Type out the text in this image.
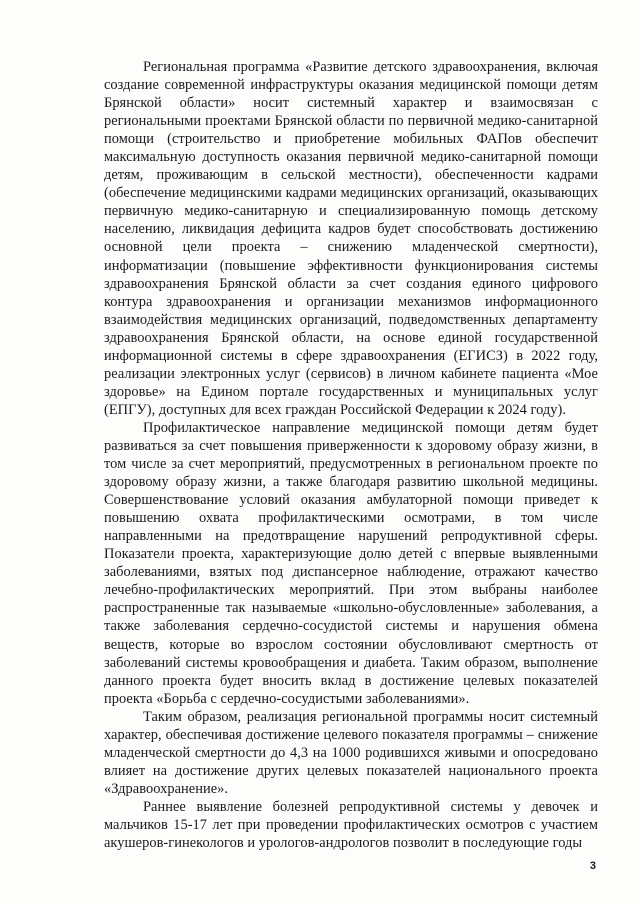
Региональная программа «Развитие детского здравоохранения, включая создание современной инфраструктуры оказания медицинской помощи детям Брянской области» носит системный характер и взаимосвязан с региональными проектами Брянской области по первичной медико-санитарной помощи (строительство и приобретение мобильных ФАПов обеспечит максимальную доступность оказания первичной медико-санитарной помощи детям, проживающим в сельской местности), обеспеченности кадрами (обеспечение медицинскими кадрами медицинских организаций, оказывающих первичную медико-санитарную и специализированную помощь детскому населению, ликвидация дефицита кадров будет способствовать достижению основной цели проекта – снижению младенческой смертности), информатизации (повышение эффективности функционирования системы здравоохранения Брянской области за счет создания единого цифрового контура здравоохранения и организации механизмов информационного взаимодействия медицинских организаций, подведомственных департаменту здравоохранения Брянской области, на основе единой государственной информационной системы в сфере здравоохранения (ЕГИСЗ) в 2022 году, реализации электронных услуг (сервисов) в личном кабинете пациента «Мое здоровье» на Едином портале государственных и муниципальных услуг (ЕПГУ), доступных для всех граждан Российской Федерации к 2024 году).

Профилактическое направление медицинской помощи детям будет развиваться за счет повышения приверженности к здоровому образу жизни, в том числе за счет мероприятий, предусмотренных в региональном проекте по здоровому образу жизни, а также благодаря развитию школьной медицины. Совершенствование условий оказания амбулаторной помощи приведет к повышению охвата профилактическими осмотрами, в том числе направленными на предотвращение нарушений репродуктивной сферы. Показатели проекта, характеризующие долю детей с впервые выявленными заболеваниями, взятых под диспансерное наблюдение, отражают качество лечебно-профилактических мероприятий. При этом выбраны наиболее распространенные так называемые «школьно-обусловленные» заболевания, а также заболевания сердечно-сосудистой системы и нарушения обмена веществ, которые во взрослом состоянии обусловливают смертность от заболеваний системы кровообращения и диабета. Таким образом, выполнение данного проекта будет вносить вклад в достижение целевых показателей проекта «Борьба с сердечно-сосудистыми заболеваниями».

Таким образом, реализация региональной программы носит системный характер, обеспечивая достижение целевого показателя программы – снижение младенческой смертности до 4,3 на 1000 родившихся живыми и опосредовано влияет на достижение других целевых показателей национального проекта «Здравоохранение».

Раннее выявление болезней репродуктивной системы у девочек и мальчиков 15-17 лет при проведении профилактических осмотров с участием акушеров-гинекологов и урологов-андрологов позволит в последующие годы

3
